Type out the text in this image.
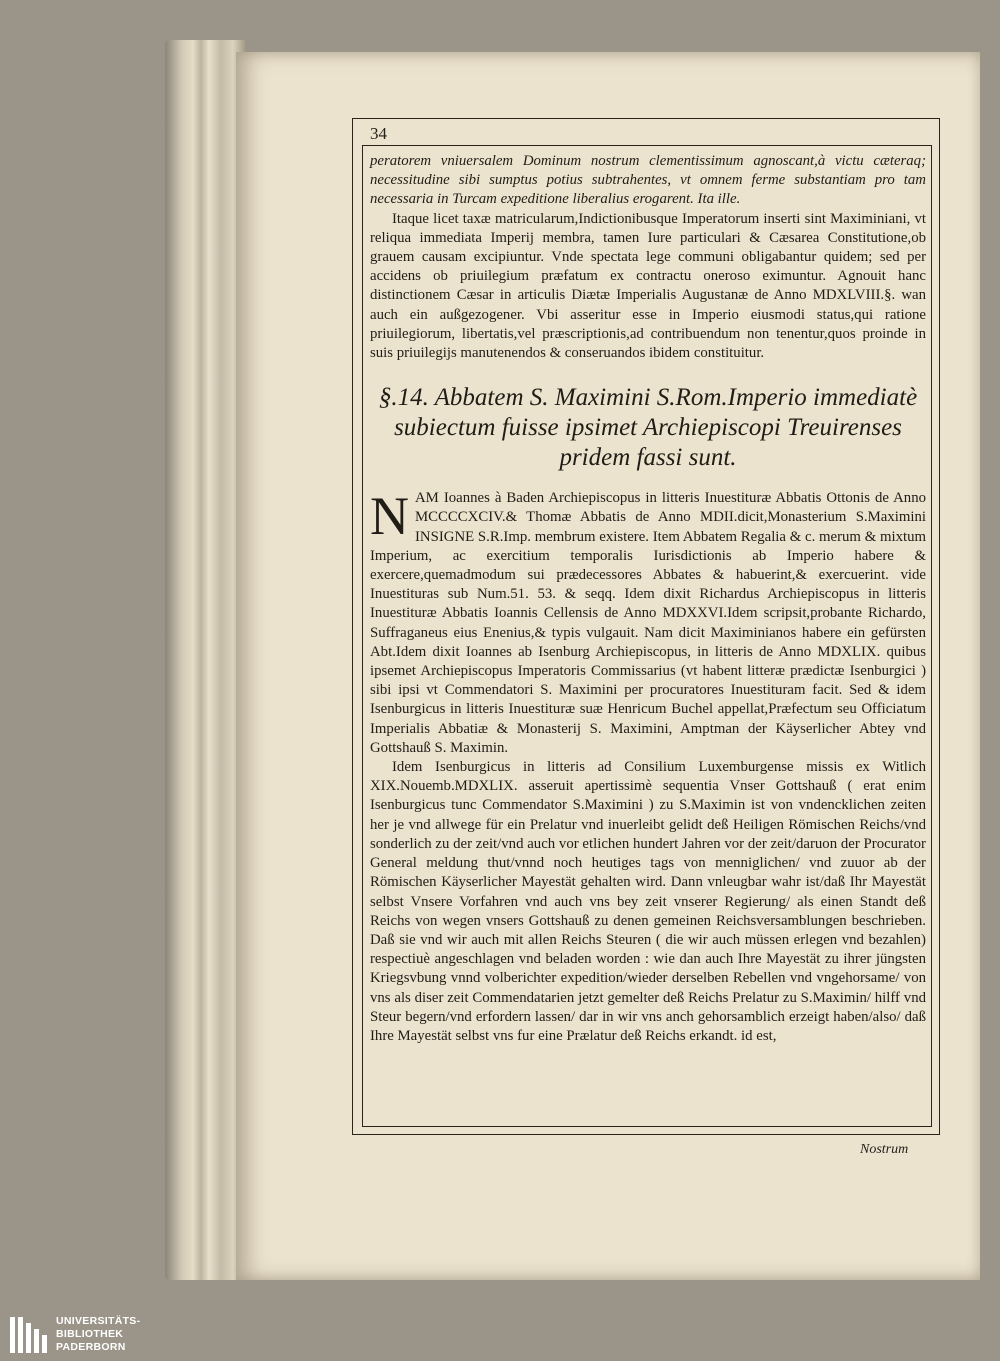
34

peratorem vniuersalem Dominum nostrum clementissimum agnoscant,à victu cæteraq; necessitudine sibi sumptus potius subtrahentes, vt omnem ferme substantiam pro tam necessaria in Turcam expeditione liberalius erogarent. Ita ille.

Itaque licet taxæ matricularum,Indictionibusque Imperatorum inserti sint Maximiniani, vt reliqua immediata Imperij membra, tamen Iure particulari & Cæsarea Constitutione,ob grauem causam excipiuntur. Vnde spectata lege communi obligabantur quidem; sed per accidens ob priuilegium præfatum ex contractu oneroso eximuntur. Agnouit hanc distinctionem Cæsar in articulis Diætæ Imperialis Augustanæ de Anno MDXLVIII.§. wan auch ein außgezogener. Vbi asseritur esse in Imperio eiusmodi status,qui ratione priuilegiorum, libertatis,vel præscriptionis,ad contribuendum non tenentur,quos proinde in suis priuilegijs manutenendos & conseruandos ibidem constituitur.

§.14. Abbatem S. Maximini S.Rom.Imperio immediatè subiectum fuisse ipsimet Archiepiscopi Treuirenses pridem fassi sunt.

NAM Ioannes à Baden Archiepiscopus in litteris Inuestituræ Abbatis Ottonis de Anno MCCCCXCIV.& Thomæ Abbatis de Anno MDII.dicit,Monasterium S.Maximini INSIGNE S.R.Imp. membrum existere. Item Abbatem Regalia & c. merum & mixtum Imperium, ac exercitium temporalis Iurisdictionis ab Imperio habere & exercere,quemadmodum sui prædecessores Abbates & habuerint,& exercuerint. vide Inuestituras sub Num.51. 53. & seqq. Idem dixit Richardus Archiepiscopus in litteris Inuestituræ Abbatis Ioannis Cellensis de Anno MDXXVI.Idem scripsit,probante Richardo, Suffraganeus eius Enenius,& typis vulgauit. Nam dicit Maximinianos habere ein gefürsten Abt.Idem dixit Ioannes ab Isenburg Archiepiscopus, in litteris de Anno MDXLIX. quibus ipsemet Archiepiscopus Imperatoris Commissarius (vt habent litteræ prædictæ Isenburgici ) sibi ipsi vt Commendatori S. Maximini per procuratores Inuestituram facit. Sed & idem Isenburgicus in litteris Inuestituræ suæ Henricum Buchel appellat,Præfectum seu Officiatum Imperialis Abbatiæ & Monasterij S. Maximini, Amptman der Käyserlicher Abtey vnd Gottshauß S. Maximin.

Idem Isenburgicus in litteris ad Consilium Luxemburgense missis ex Witlich XIX.Nouemb.MDXLIX. asseruit apertissimè sequentia Vnser Gottshauß ( erat enim Isenburgicus tunc Commendator S.Maximini ) zu S.Maximin ist von vndencklichen zeiten her je vnd allwege für ein Prelatur vnd inuerleibt gelidt deß Heiligen Römischen Reichs/vnd sonderlich zu der zeit/vnd auch vor etlichen hundert Jahren vor der zeit/daruon der Procurator General meldung thut/vnnd noch heutiges tags von menniglichen/ vnd zuuor ab der Römischen Käyserlicher Mayestät gehalten wird. Dann vnleugbar wahr ist/daß Ihr Mayestät selbst Vnsere Vorfahren vnd auch vns bey zeit vnserer Regierung/ als einen Standt deß Reichs von wegen vnsers Gottshauß zu denen gemeinen Reichsversamblungen beschrieben. Daß sie vnd wir auch mit allen Reichs Steuren ( die wir auch müssen erlegen vnd bezahlen) respectiuè angeschlagen vnd beladen worden : wie dan auch Ihre Mayestät zu ihrer jüngsten Kriegsvbung vnnd volberichter expedition/wieder derselben Rebellen vnd vngehorsame/ von vns als diser zeit Commendatarien jetzt gemelter deß Reichs Prelatur zu S.Maximin/ hilff vnd Steur begern/vnd erfordern lassen/ dar in wir vns anch gehorsamblich erzeigt haben/also/ daß Ihre Mayestät selbst vns fur eine Prælatur deß Reichs erkandt. id est,

Nostrum
UNIVERSITÄTS-
BIBLIOTHEK
PADERBORN
